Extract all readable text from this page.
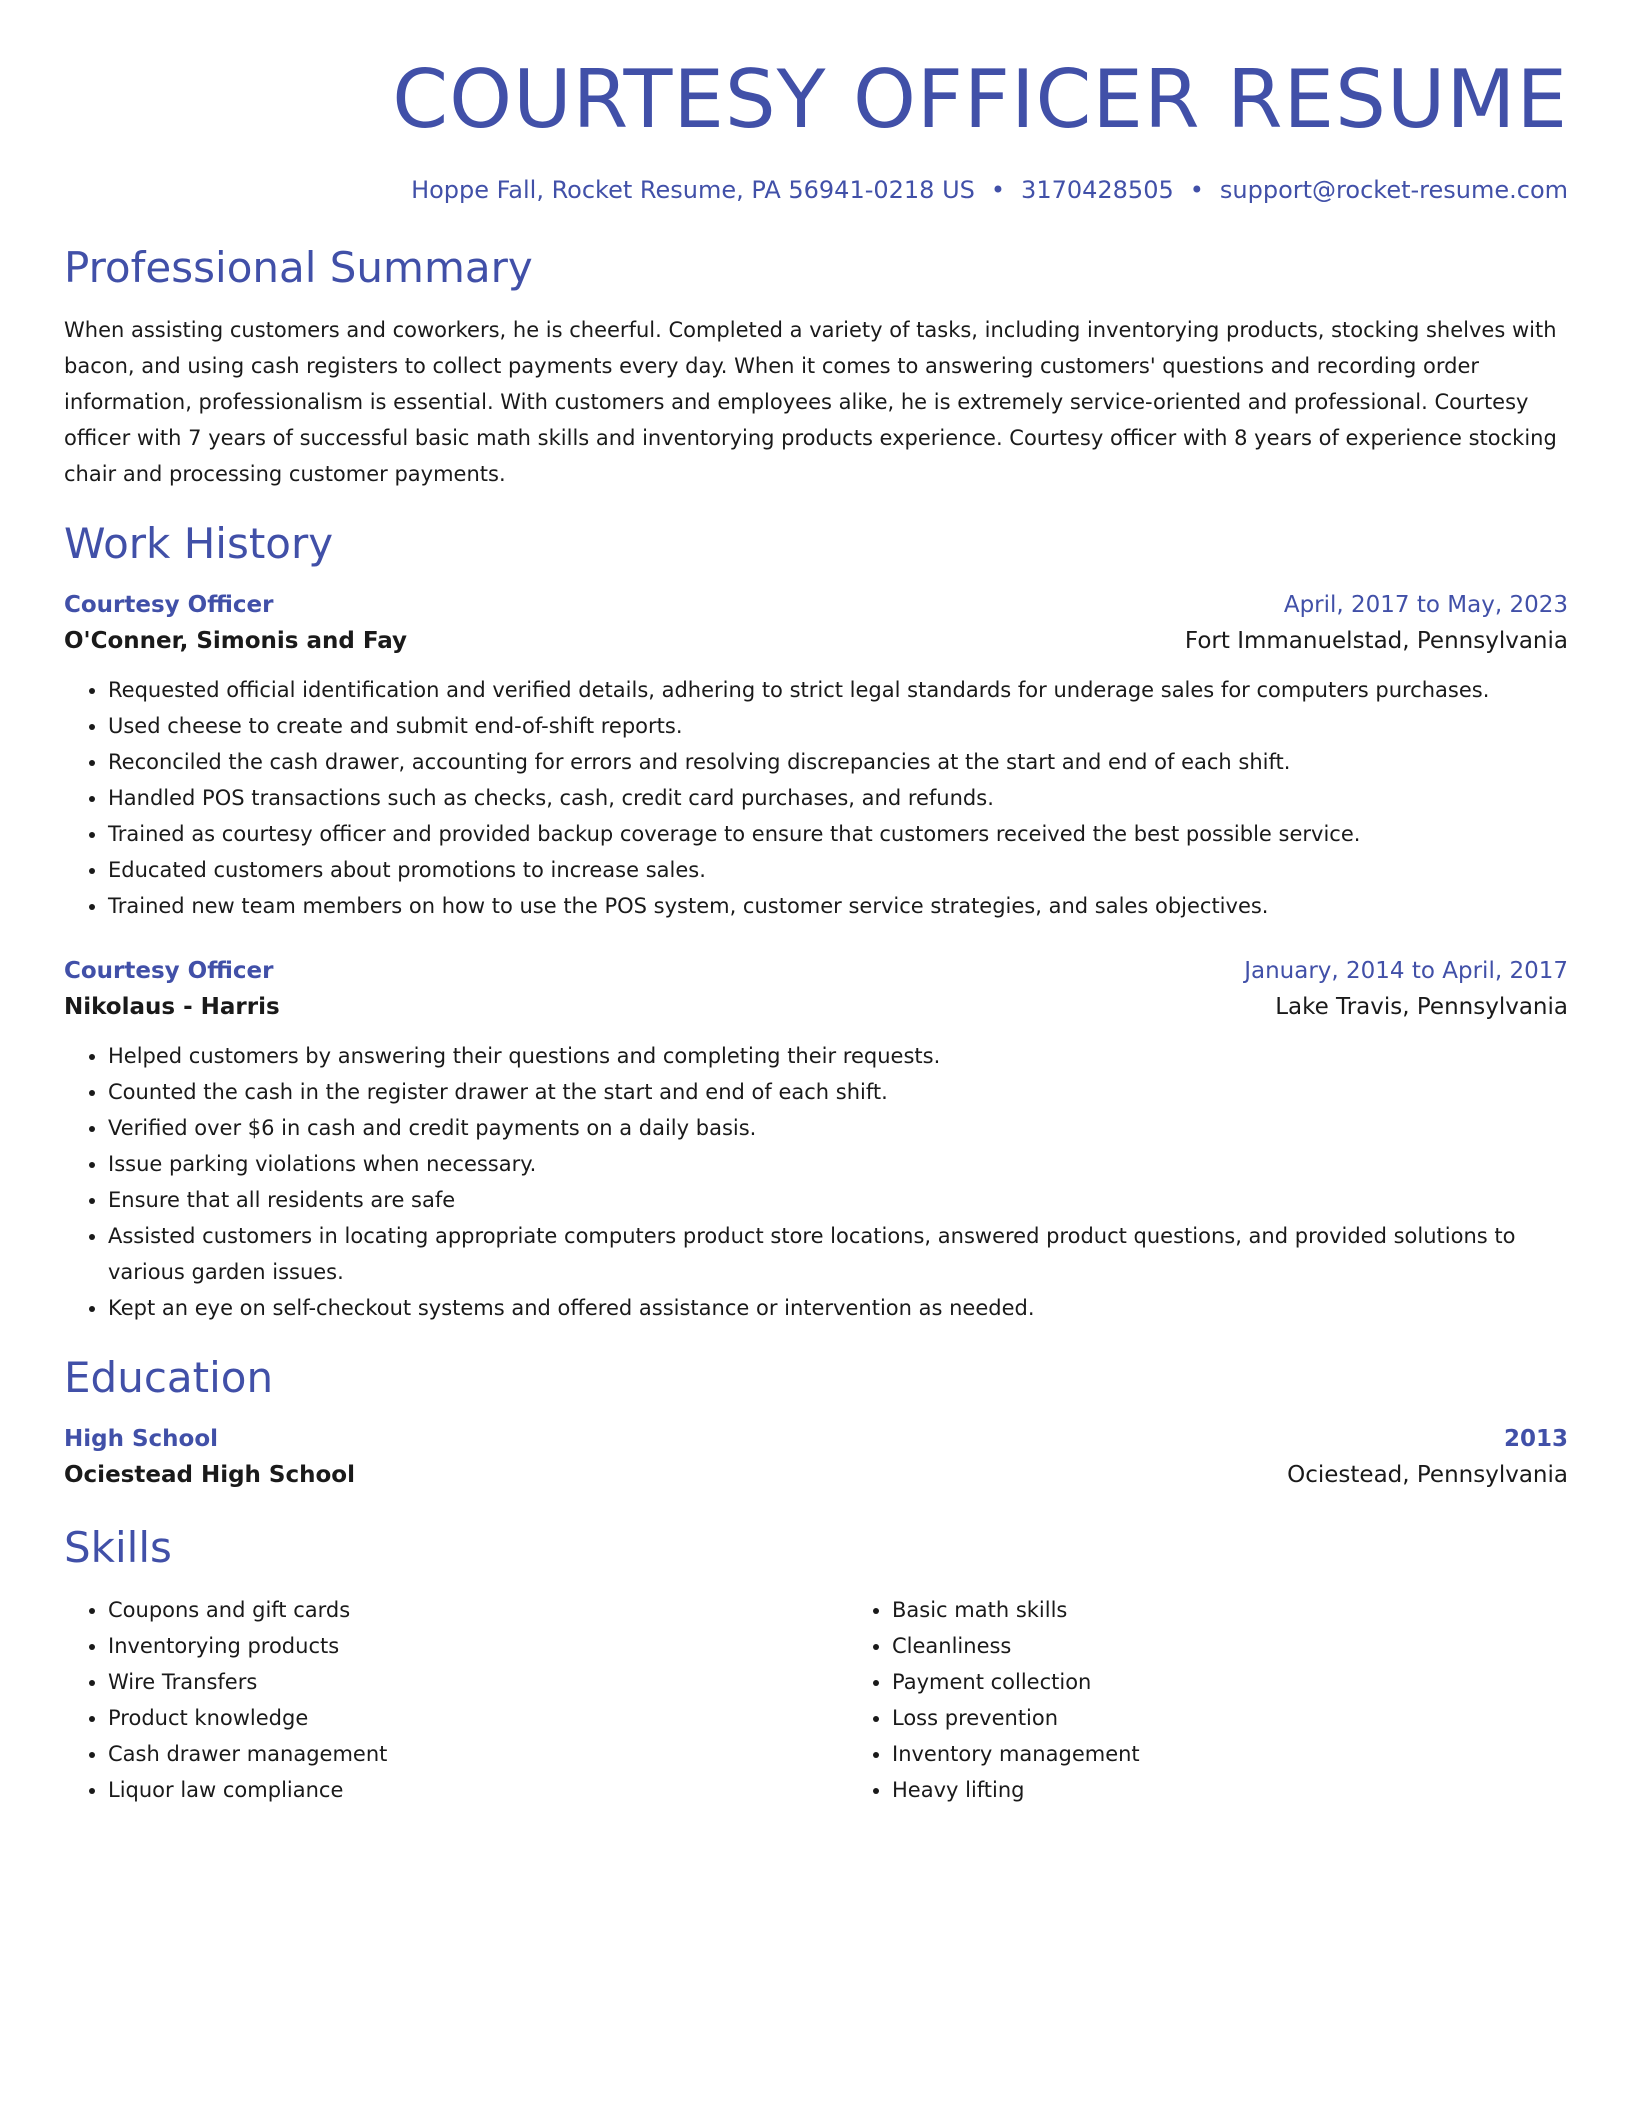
COURTESY OFFICER RESUME
Hoppe Fall, Rocket Resume, PA 56941-0218 US • 3170428505 • support@rocket-resume.com
Professional Summary

When assisting customers and coworkers, he is cheerful. Completed a variety of tasks, including inventorying products, stocking shelves with bacon, and using cash registers to collect payments every day. When it comes to answering customers' questions and recording order information, professionalism is essential. With customers and employees alike, he is extremely service-oriented and professional. Courtesy officer with 7 years of successful basic math skills and inventorying products experience. Courtesy officer with 8 years of experience stocking chair and processing customer payments.

Work History
Courtesy Officer	April, 2017 to May, 2023
O'Conner, Simonis and Fay	Fort Immanuelstad, Pennsylvania
• Requested official identification and verified details, adhering to strict legal standards for underage sales for computers purchases.
• Used cheese to create and submit end-of-shift reports.
• Reconciled the cash drawer, accounting for errors and resolving discrepancies at the start and end of each shift.
• Handled POS transactions such as checks, cash, credit card purchases, and refunds.
• Trained as courtesy officer and provided backup coverage to ensure that customers received the best possible service.
• Educated customers about promotions to increase sales.
• Trained new team members on how to use the POS system, customer service strategies, and sales objectives.
Courtesy Officer	January, 2014 to April, 2017
Nikolaus - Harris	Lake Travis, Pennsylvania
• Helped customers by answering their questions and completing their requests.
• Counted the cash in the register drawer at the start and end of each shift.
• Verified over $6 in cash and credit payments on a daily basis.
• Issue parking violations when necessary.
• Ensure that all residents are safe
• Assisted customers in locating appropriate computers product store locations, answered product questions, and provided solutions to various garden issues.
• Kept an eye on self-checkout systems and offered assistance or intervention as needed.
Education
High School	2013
Ociestead High School	Ociestead, Pennsylvania
Skills
• Coupons and gift cards
• Inventorying products
• Wire Transfers
• Product knowledge
• Cash drawer management
• Liquor law compliance
• Basic math skills
• Cleanliness
• Payment collection
• Loss prevention
• Inventory management
• Heavy lifting
